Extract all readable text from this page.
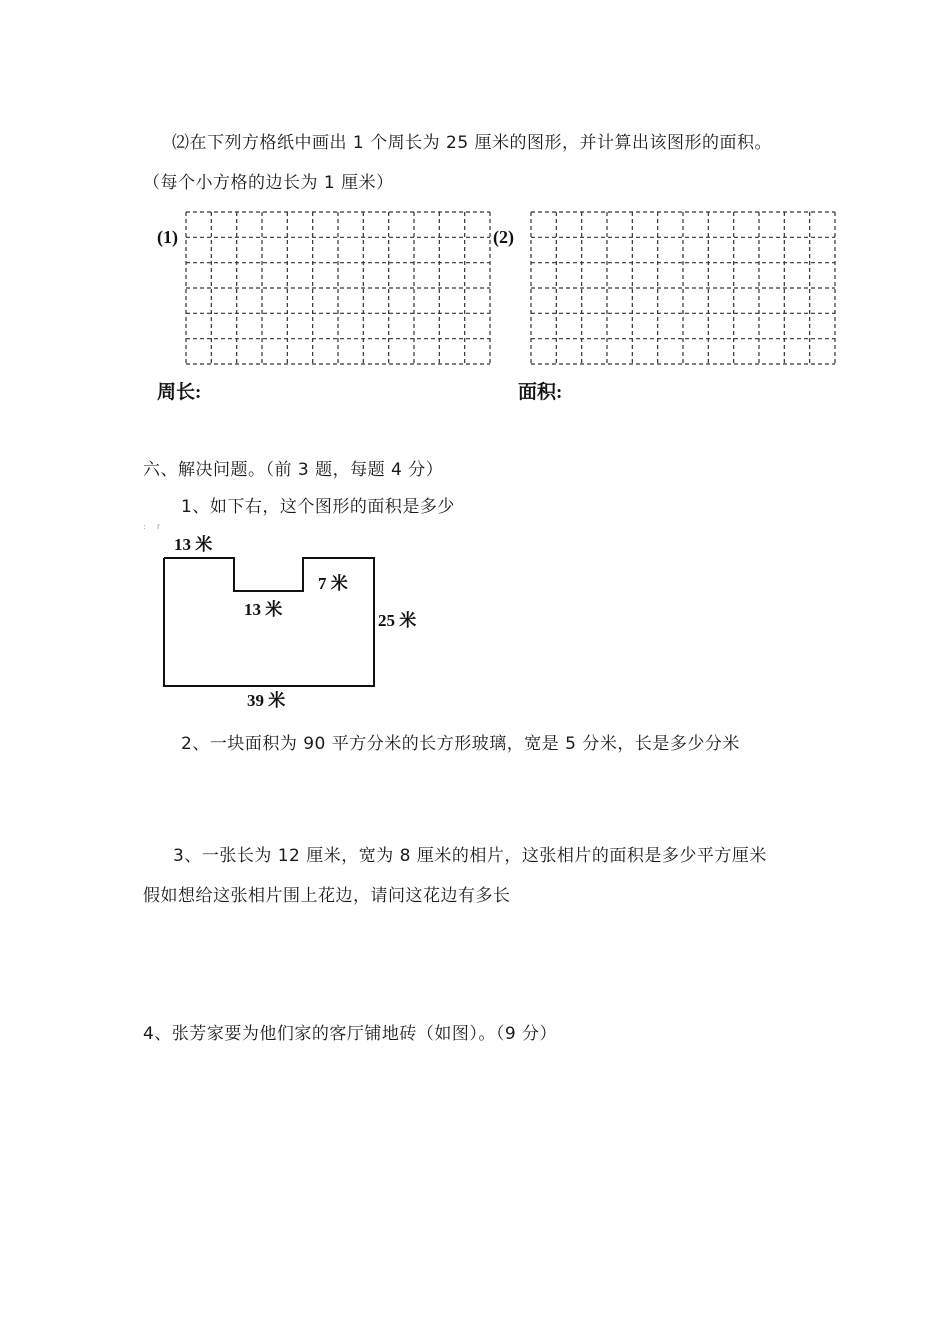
⑵在下列方格纸中画出 1 个周长为 25 厘米的图形，并计算出该图形的面积。
（每个小方格的边长为 1 厘米）
(1)	(2)
周长:	面积:
六、解决问题。（前 3 题，每题 4 分）
1、如下右，这个图形的面积是多少
: r
13 米
7 米
13 米
25 米
39 米
2、一块面积为 90 平方分米的长方形玻璃，宽是 5 分米，长是多少分米
3、一张长为 12 厘米，宽为 8 厘米的相片，这张相片的面积是多少平方厘米
假如想给这张相片围上花边，请问这花边有多长
4、张芳家要为他们家的客厅铺地砖（如图）。（9 分）
